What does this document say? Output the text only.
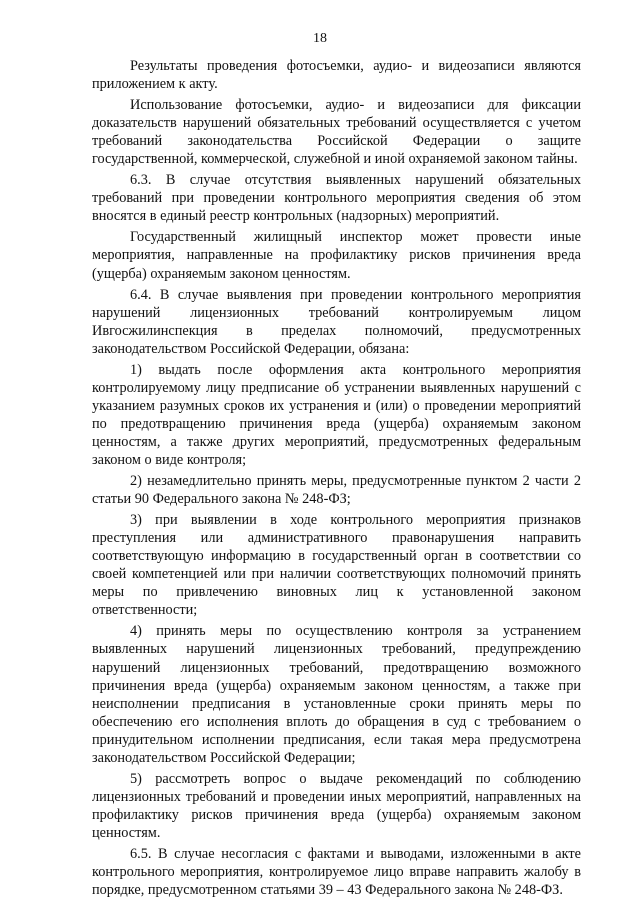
18

Результаты проведения фотосъемки, аудио- и видеозаписи являются приложением к акту.

Использование фотосъемки, аудио- и видеозаписи для фиксации доказательств нарушений обязательных требований осуществляется с учетом требований законодательства Российской Федерации о защите государственной, коммерческой, служебной и иной охраняемой законом тайны.

6.3. В случае отсутствия выявленных нарушений обязательных требований при проведении контрольного мероприятия сведения об этом вносятся в единый реестр контрольных (надзорных) мероприятий.

Государственный жилищный инспектор может провести иные мероприятия, направленные на профилактику рисков причинения вреда (ущерба) охраняемым законом ценностям.

6.4. В случае выявления при проведении контрольного мероприятия нарушений лицензионных требований контролируемым лицом Ивгосжилинспекция в пределах полномочий, предусмотренных законодательством Российской Федерации, обязана:

1) выдать после оформления акта контрольного мероприятия контролируемому лицу предписание об устранении выявленных нарушений с указанием разумных сроков их устранения и (или) о проведении мероприятий по предотвращению причинения вреда (ущерба) охраняемым законом ценностям, а также других мероприятий, предусмотренных федеральным законом о виде контроля;

2) незамедлительно принять меры, предусмотренные пунктом 2 части 2 статьи 90 Федерального закона № 248-ФЗ;

3) при выявлении в ходе контрольного мероприятия признаков преступления или административного правонарушения направить соответствующую информацию в государственный орган в соответствии со своей компетенцией или при наличии соответствующих полномочий принять меры по привлечению виновных лиц к установленной законом ответственности;

4) принять меры по осуществлению контроля за устранением выявленных нарушений лицензионных требований, предупреждению нарушений лицензионных требований, предотвращению возможного причинения вреда (ущерба) охраняемым законом ценностям, а также при неисполнении предписания в установленные сроки принять меры по обеспечению его исполнения вплоть до обращения в суд с требованием о принудительном исполнении предписания, если такая мера предусмотрена законодательством Российской Федерации;

5) рассмотреть вопрос о выдаче рекомендаций по соблюдению лицензионных требований и проведении иных мероприятий, направленных на профилактику рисков причинения вреда (ущерба) охраняемым законом ценностям.

6.5. В случае несогласия с фактами и выводами, изложенными в акте контрольного мероприятия, контролируемое лицо вправе направить жалобу в порядке, предусмотренном статьями 39 – 43 Федерального закона № 248-ФЗ.
